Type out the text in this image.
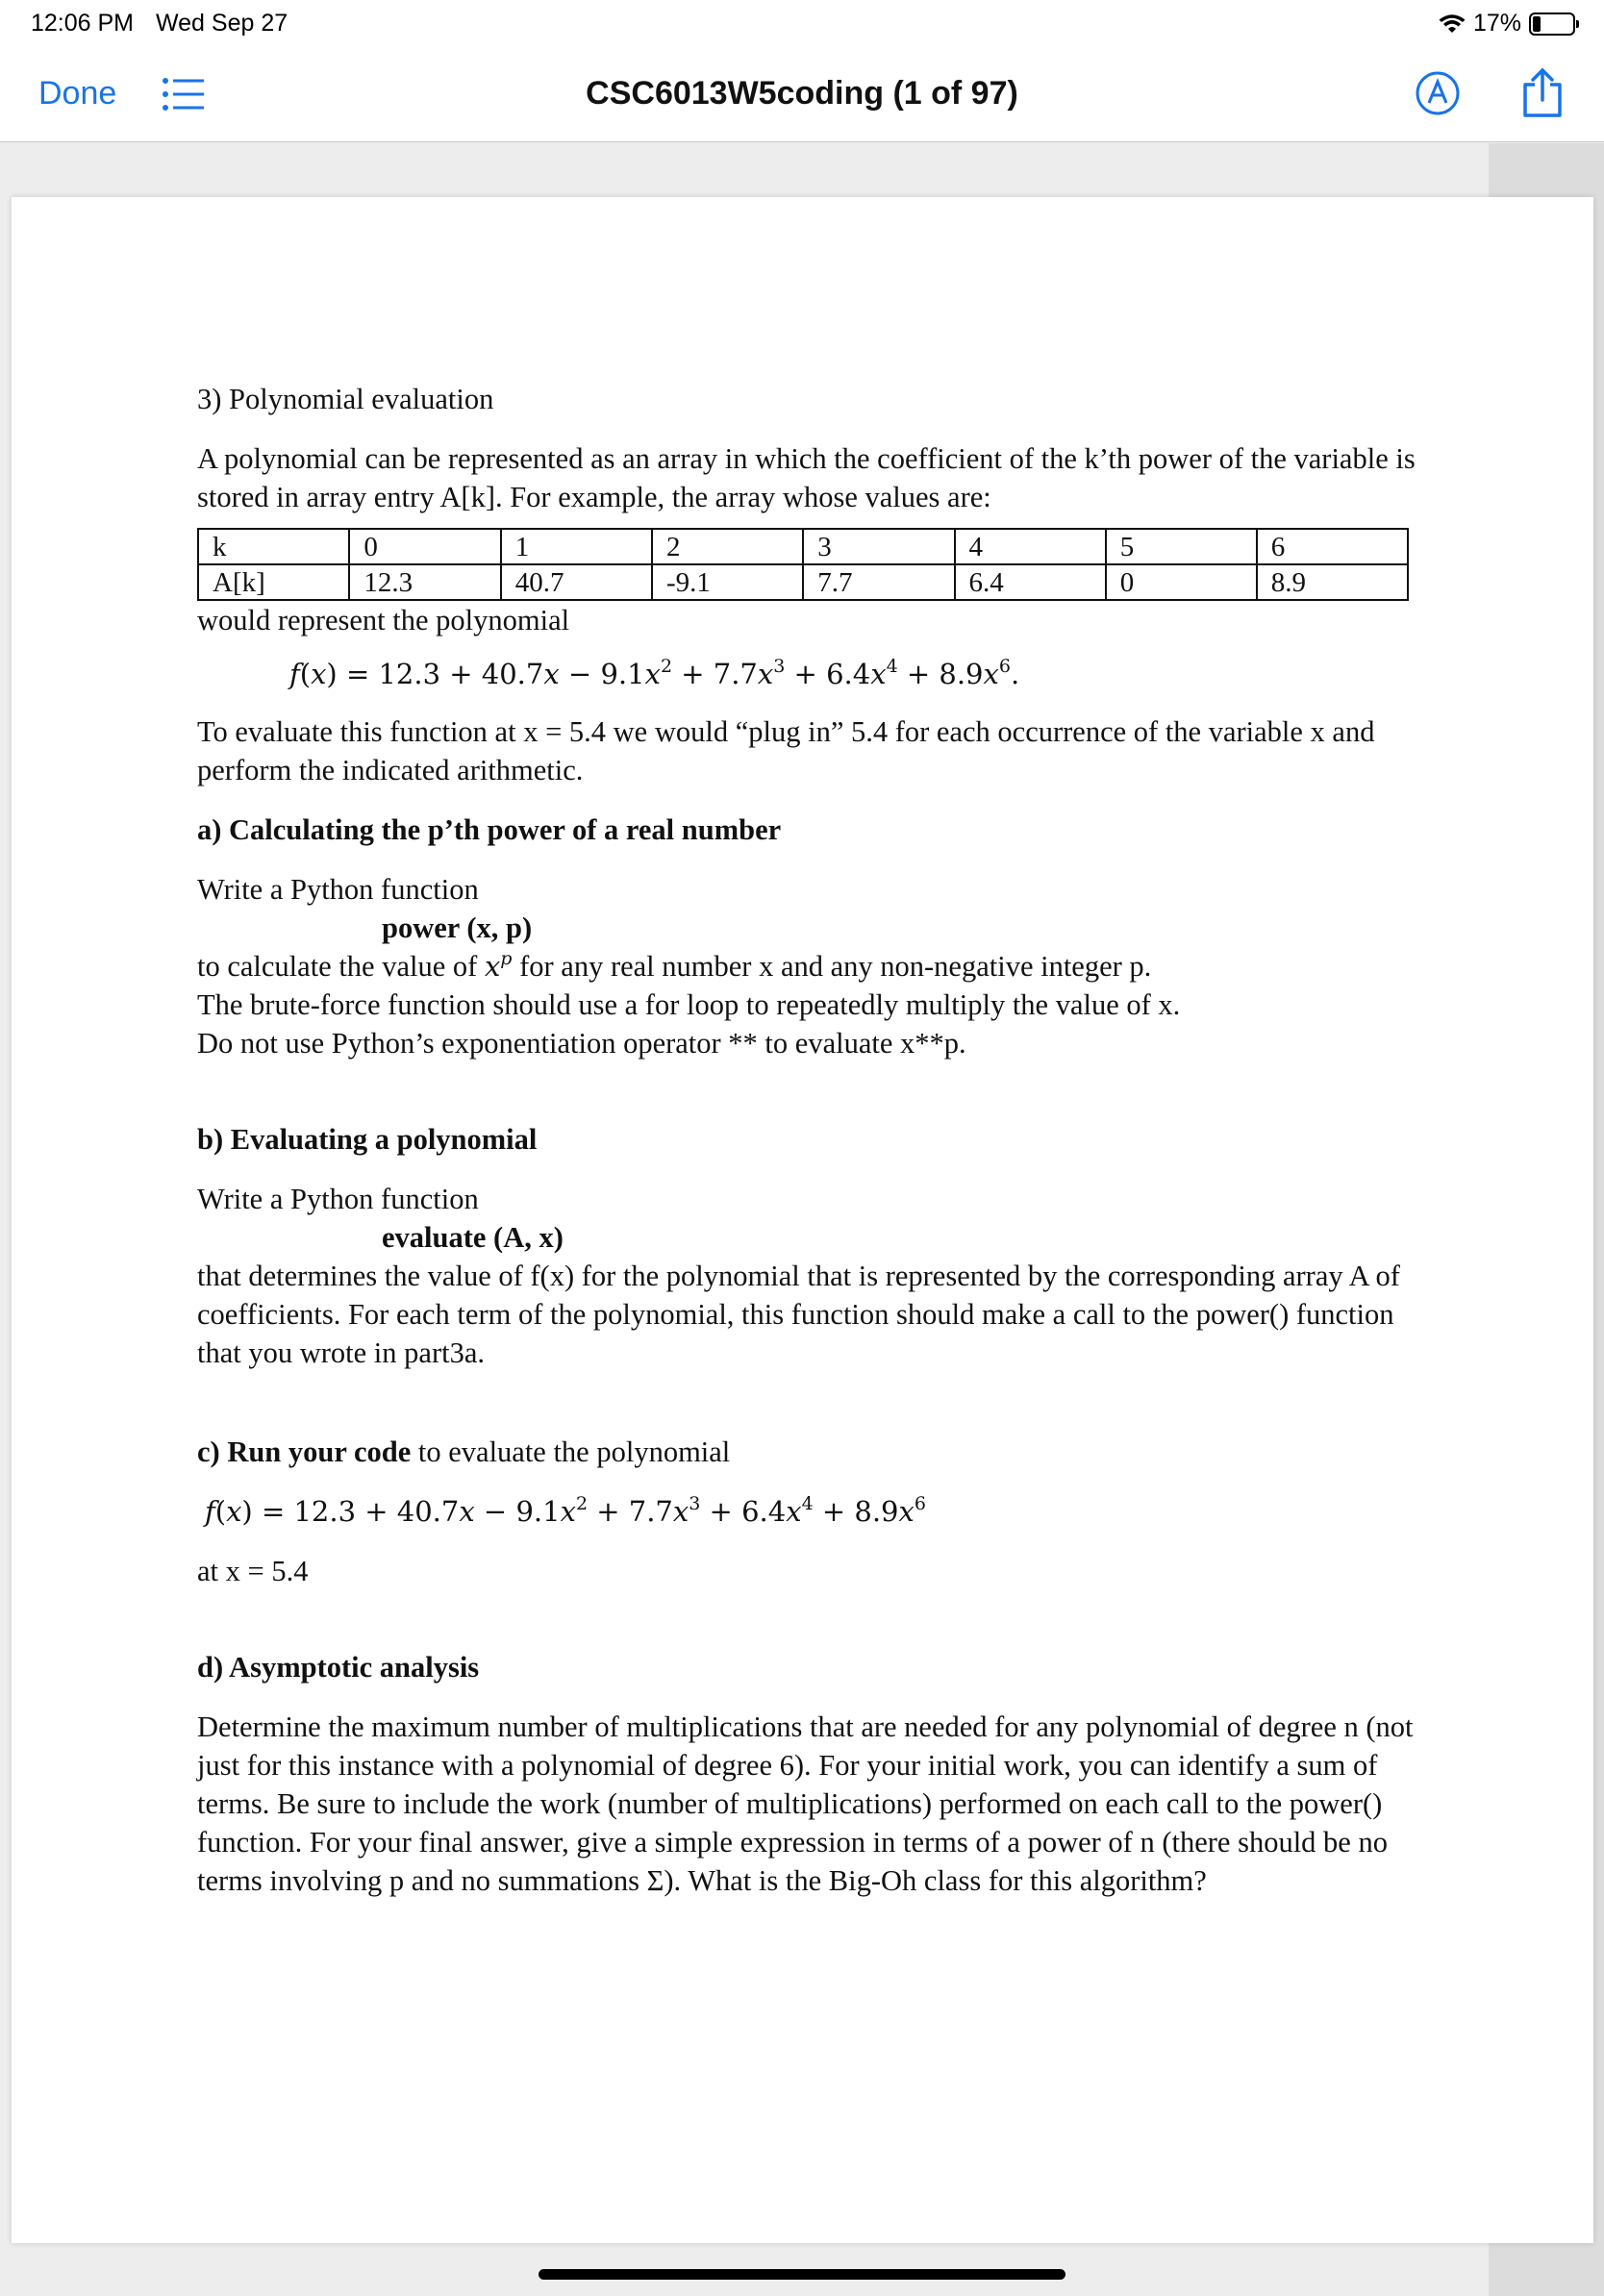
12:06 PM Wed Sep 27	17%
CSC6013W5coding (1 of 97)
Done
3) Polynomial evaluation
A polynomial can be represented as an array in which the coefficient of the k’th power of the variable is stored in array entry A[k]. For example, the array whose values are:
k	0	1	2	3	4	5	6
A[k]	12.3	40.7	-9.1	7.7	6.4	0	8.9
would represent the polynomial
$f(x) = 12.3 + 40.7x - 9.1x^2 + 7.7x^3 + 6.4x^4 + 8.9x^6$.
To evaluate this function at x = 5.4 we would “plug in” 5.4 for each occurrence of the variable x and perform the indicated arithmetic.
a) Calculating the p’th power of a real number
Write a Python function
power (x, p)
to calculate the value of $x^p$ for any real number x and any non-negative integer p.
The brute-force function should use a for loop to repeatedly multiply the value of x.
Do not use Python’s exponentiation operator ** to evaluate x**p.
b) Evaluating a polynomial
Write a Python function
evaluate (A, x)
that determines the value of f(x) for the polynomial that is represented by the corresponding array A of coefficients. For each term of the polynomial, this function should make a call to the power() function that you wrote in part3a.
c) Run your code to evaluate the polynomial
$f(x) = 12.3 + 40.7x - 9.1x^2 + 7.7x^3 + 6.4x^4 + 8.9x^6$
at x = 5.4
d) Asymptotic analysis
Determine the maximum number of multiplications that are needed for any polynomial of degree n (not just for this instance with a polynomial of degree 6). For your initial work, you can identify a sum of terms. Be sure to include the work (number of multiplications) performed on each call to the power() function. For your final answer, give a simple expression in terms of a power of n (there should be no terms involving p and no summations Σ). What is the Big-Oh class for this algorithm?
